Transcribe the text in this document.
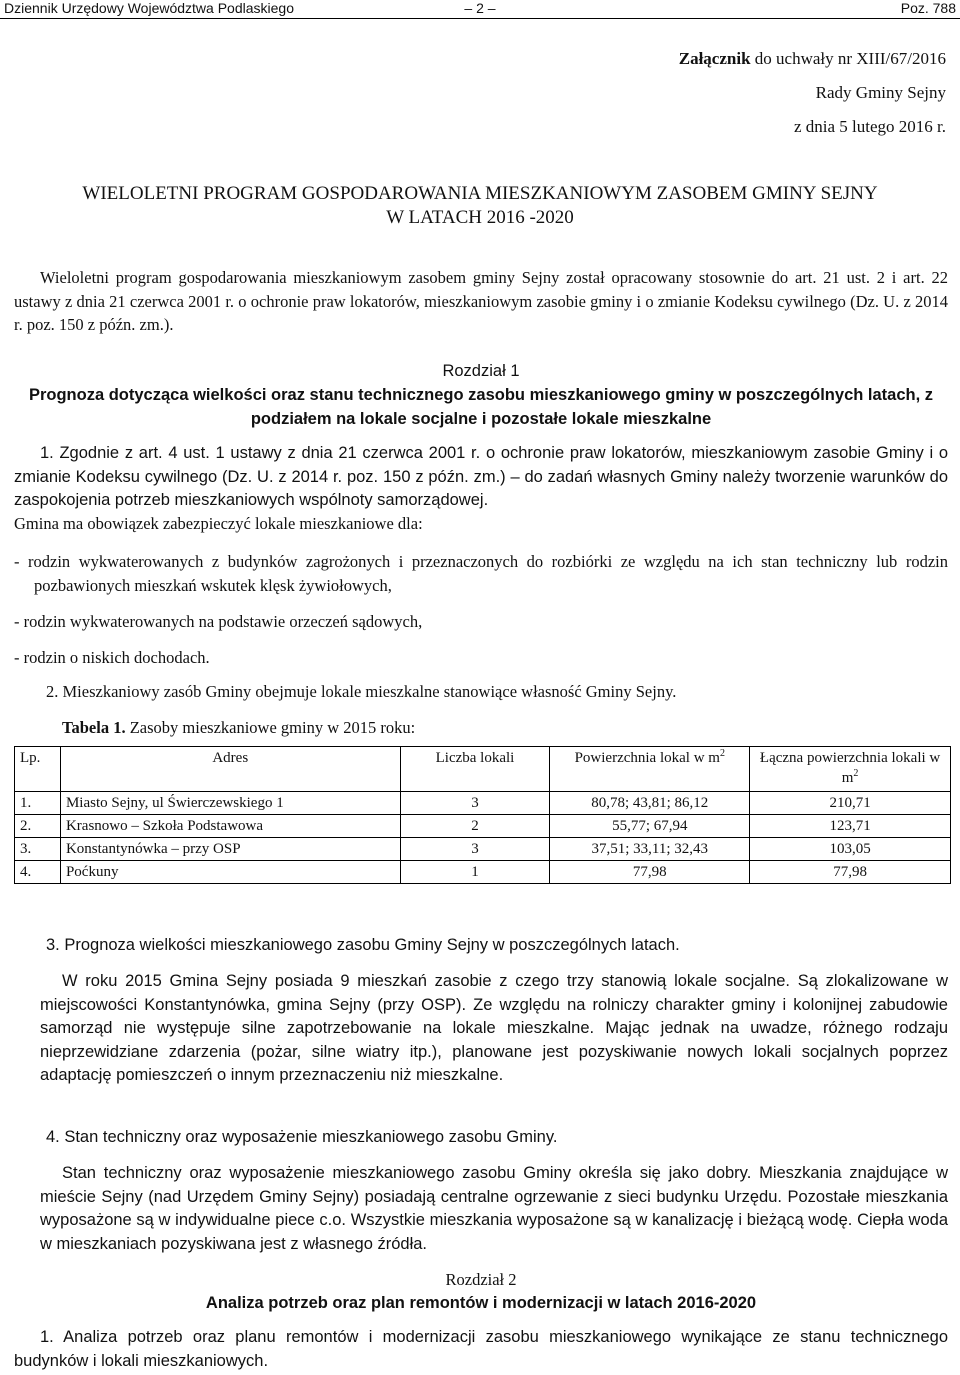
Dziennik Urzędowy Województwa Podlaskiego	– 2 –	Poz. 788
Załącznik do uchwały nr XIII/67/2016
Rady Gminy Sejny
z dnia 5 lutego 2016 r.
WIELOLETNI PROGRAM GOSPODAROWANIA MIESZKANIOWYM ZASOBEM GMINY SEJNY
W LATACH 2016 -2020
Wieloletni program gospodarowania mieszkaniowym zasobem gminy Sejny został opracowany stosownie do art. 21 ust. 2 i art. 22 ustawy z dnia 21 czerwca 2001 r. o ochronie praw lokatorów, mieszkaniowym zasobie gminy i o zmianie Kodeksu cywilnego (Dz. U. z 2014 r. poz. 150 z późn. zm.).
Rozdział 1
Prognoza dotycząca wielkości oraz stanu technicznego zasobu mieszkaniowego gminy w poszczególnych latach, z podziałem na lokale socjalne i pozostałe lokale mieszkalne
1. Zgodnie z art. 4 ust. 1 ustawy z dnia 21 czerwca 2001 r. o ochronie praw lokatorów, mieszkaniowym zasobie Gminy i o zmianie Kodeksu cywilnego (Dz. U. z 2014 r. poz. 150 z późn. zm.) – do zadań własnych Gminy należy tworzenie warunków do zaspokojenia potrzeb mieszkaniowych wspólnoty samorządowej.
Gmina ma obowiązek zabezpieczyć lokale mieszkaniowe dla:
- rodzin wykwaterowanych z budynków zagrożonych i przeznaczonych do rozbiórki ze względu na ich stan techniczny lub rodzin pozbawionych mieszkań wskutek klęsk żywiołowych,
- rodzin wykwaterowanych na podstawie orzeczeń sądowych,
- rodzin o niskich dochodach.
2. Mieszkaniowy zasób Gminy obejmuje lokale mieszkalne stanowiące własność Gminy Sejny.
Tabela 1. Zasoby mieszkaniowe gminy w 2015 roku:
Lp.	Adres	Liczba lokali	Powierzchnia lokal w $m^2$	Łączna powierzchnia lokali w $m^2$
1.	Miasto Sejny, ul Świerczewskiego 1	3	80,78; 43,81; 86,12	210,71
2.	Krasnowo – Szkoła Podstawowa	2	55,77; 67,94	123,71
3.	Konstantynówka – przy OSP	3	37,51; 33,11; 32,43	103,05
4.	Poćkuny	1	77,98	77,98
3. Prognoza wielkości mieszkaniowego zasobu Gminy Sejny w poszczególnych latach.
W roku 2015 Gmina Sejny posiada 9 mieszkań zasobie z czego trzy stanowią lokale socjalne. Są zlokalizowane w miejscowości Konstantynówka, gmina Sejny (przy OSP). Ze względu na rolniczy charakter gminy i kolonijnej zabudowie samorząd nie występuje silne zapotrzebowanie na lokale mieszkalne. Mając jednak na uwadze, różnego rodzaju nieprzewidziane zdarzenia (pożar, silne wiatry itp.), planowane jest pozyskiwanie nowych lokali socjalnych poprzez adaptację pomieszczeń o innym przeznaczeniu niż mieszkalne.
4. Stan techniczny oraz wyposażenie mieszkaniowego zasobu Gminy.
Stan techniczny oraz wyposażenie mieszkaniowego zasobu Gminy określa się jako dobry. Mieszkania znajdujące w mieście Sejny (nad Urzędem Gminy Sejny) posiadają centralne ogrzewanie z sieci budynku Urzędu. Pozostałe mieszkania wyposażone są w indywidualne piece c.o. Wszystkie mieszkania wyposażone są w kanalizację i bieżącą wodę. Ciepła woda w mieszkaniach pozyskiwana jest z własnego źródła.
Rozdział 2
Analiza potrzeb oraz plan remontów i modernizacji w latach 2016-2020
1. Analiza potrzeb oraz planu remontów i modernizacji zasobu mieszkaniowego wynikające ze stanu technicznego budynków i lokali mieszkaniowych.
